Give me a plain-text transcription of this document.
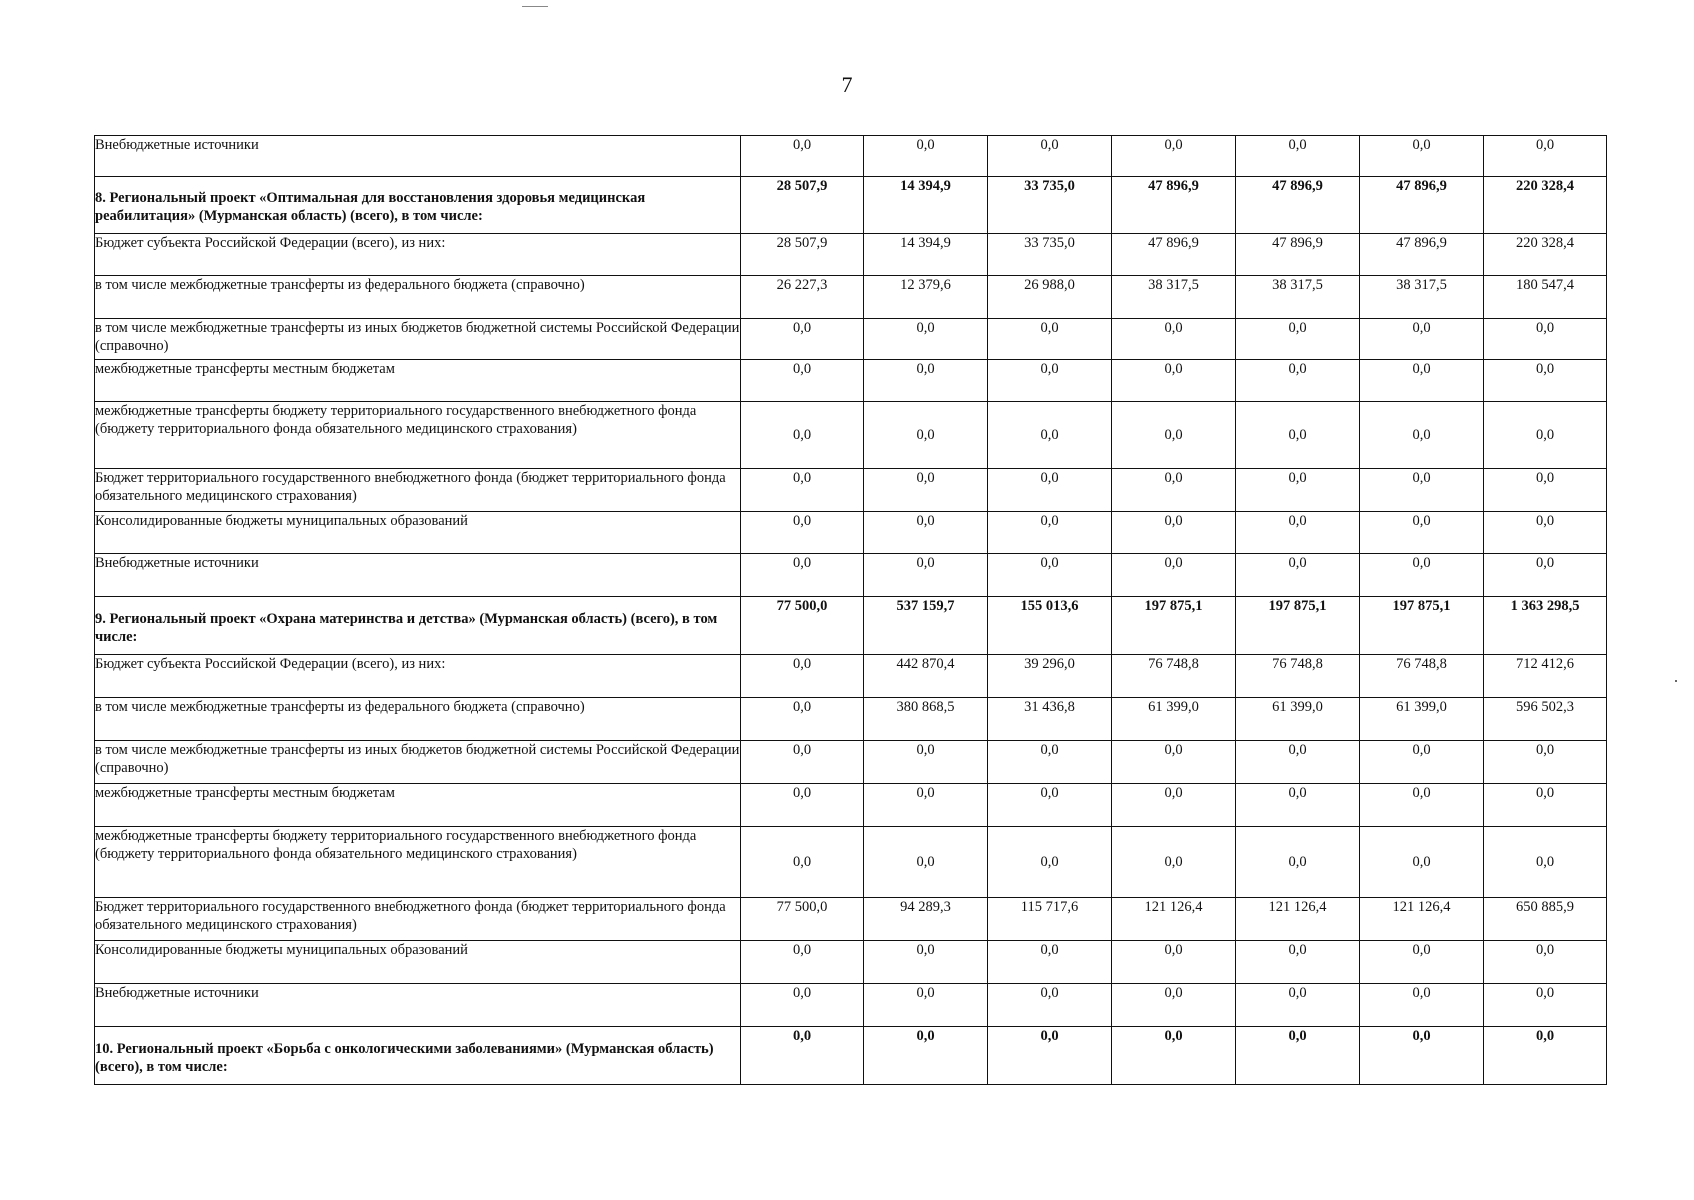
7
Внебюджетные источники	0,0	0,0	0,0	0,0	0,0	0,0	0,0
8. Региональный проект «Оптимальная для восстановления здоровья медицинская реабилитация» (Мурманская область) (всего), в том числе:	28 507,9	14 394,9	33 735,0	47 896,9	47 896,9	47 896,9	220 328,4
Бюджет субъекта Российской Федерации (всего), из них:	28 507,9	14 394,9	33 735,0	47 896,9	47 896,9	47 896,9	220 328,4
в том числе межбюджетные трансферты из федерального бюджета (справочно)	26 227,3	12 379,6	26 988,0	38 317,5	38 317,5	38 317,5	180 547,4
в том числе межбюджетные трансферты из иных бюджетов бюджетной системы Российской Федерации (справочно)	0,0	0,0	0,0	0,0	0,0	0,0	0,0
межбюджетные трансферты местным бюджетам	0,0	0,0	0,0	0,0	0,0	0,0	0,0
межбюджетные трансферты бюджету территориального государственного внебюджетного фонда (бюджету территориального фонда обязательного медицинского страхования)	0,0	0,0	0,0	0,0	0,0	0,0	0,0
Бюджет территориального государственного внебюджетного фонда (бюджет территориального фонда обязательного медицинского страхования)	0,0	0,0	0,0	0,0	0,0	0,0	0,0
Консолидированные бюджеты муниципальных образований	0,0	0,0	0,0	0,0	0,0	0,0	0,0
Внебюджетные источники	0,0	0,0	0,0	0,0	0,0	0,0	0,0
9. Региональный проект «Охрана материнства и детства» (Мурманская область) (всего), в том числе:	77 500,0	537 159,7	155 013,6	197 875,1	197 875,1	197 875,1	1 363 298,5
Бюджет субъекта Российской Федерации (всего), из них:	0,0	442 870,4	39 296,0	76 748,8	76 748,8	76 748,8	712 412,6
в том числе межбюджетные трансферты из федерального бюджета (справочно)	0,0	380 868,5	31 436,8	61 399,0	61 399,0	61 399,0	596 502,3
в том числе межбюджетные трансферты из иных бюджетов бюджетной системы Российской Федерации (справочно)	0,0	0,0	0,0	0,0	0,0	0,0	0,0
межбюджетные трансферты местным бюджетам	0,0	0,0	0,0	0,0	0,0	0,0	0,0
межбюджетные трансферты бюджету территориального государственного внебюджетного фонда (бюджету территориального фонда обязательного медицинского страхования)	0,0	0,0	0,0	0,0	0,0	0,0	0,0
Бюджет территориального государственного внебюджетного фонда (бюджет территориального фонда обязательного медицинского страхования)	77 500,0	94 289,3	115 717,6	121 126,4	121 126,4	121 126,4	650 885,9
Консолидированные бюджеты муниципальных образований	0,0	0,0	0,0	0,0	0,0	0,0	0,0
Внебюджетные источники	0,0	0,0	0,0	0,0	0,0	0,0	0,0
10. Региональный проект «Борьба с онкологическими заболеваниями» (Мурманская область) (всего), в том числе:	0,0	0,0	0,0	0,0	0,0	0,0	0,0
